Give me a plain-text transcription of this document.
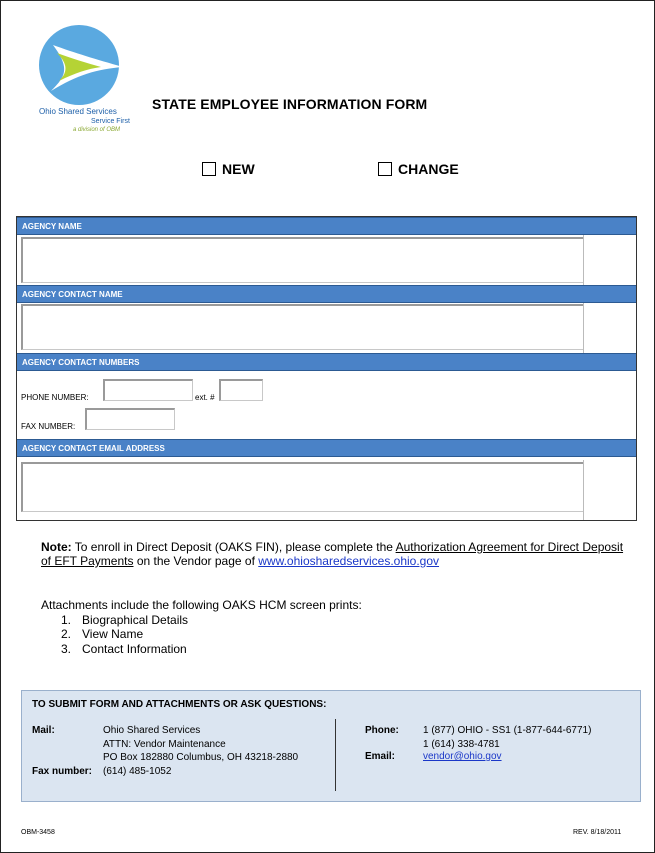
Ohio Shared Services
Service First
a division of OBM
STATE EMPLOYEE INFORMATION FORM
NEW	CHANGE
AGENCY NAME
AGENCY CONTACT NAME
AGENCY CONTACT NUMBERS
PHONE NUMBER:	ext. #
FAX NUMBER:
AGENCY CONTACT EMAIL ADDRESS
Note: To enroll in Direct Deposit (OAKS FIN), please complete the Authorization Agreement for Direct Deposit of EFT Payments on the Vendor page of www.ohiosharedservices.ohio.gov
Attachments include the following OAKS HCM screen prints:
1. Biographical Details
2. View Name
3. Contact Information
TO SUBMIT FORM AND ATTACHMENTS OR ASK QUESTIONS:
Mail:	Ohio Shared Services
ATTN: Vendor Maintenance
PO Box 182880 Columbus, OH 43218-2880
Fax number: (614) 485-1052
Phone: 1 (877) OHIO - SS1 (1-877-644-6771)
1 (614) 338-4781
Email:	vendor@ohio.gov
OBM-3458	REV. 8/18/2011
